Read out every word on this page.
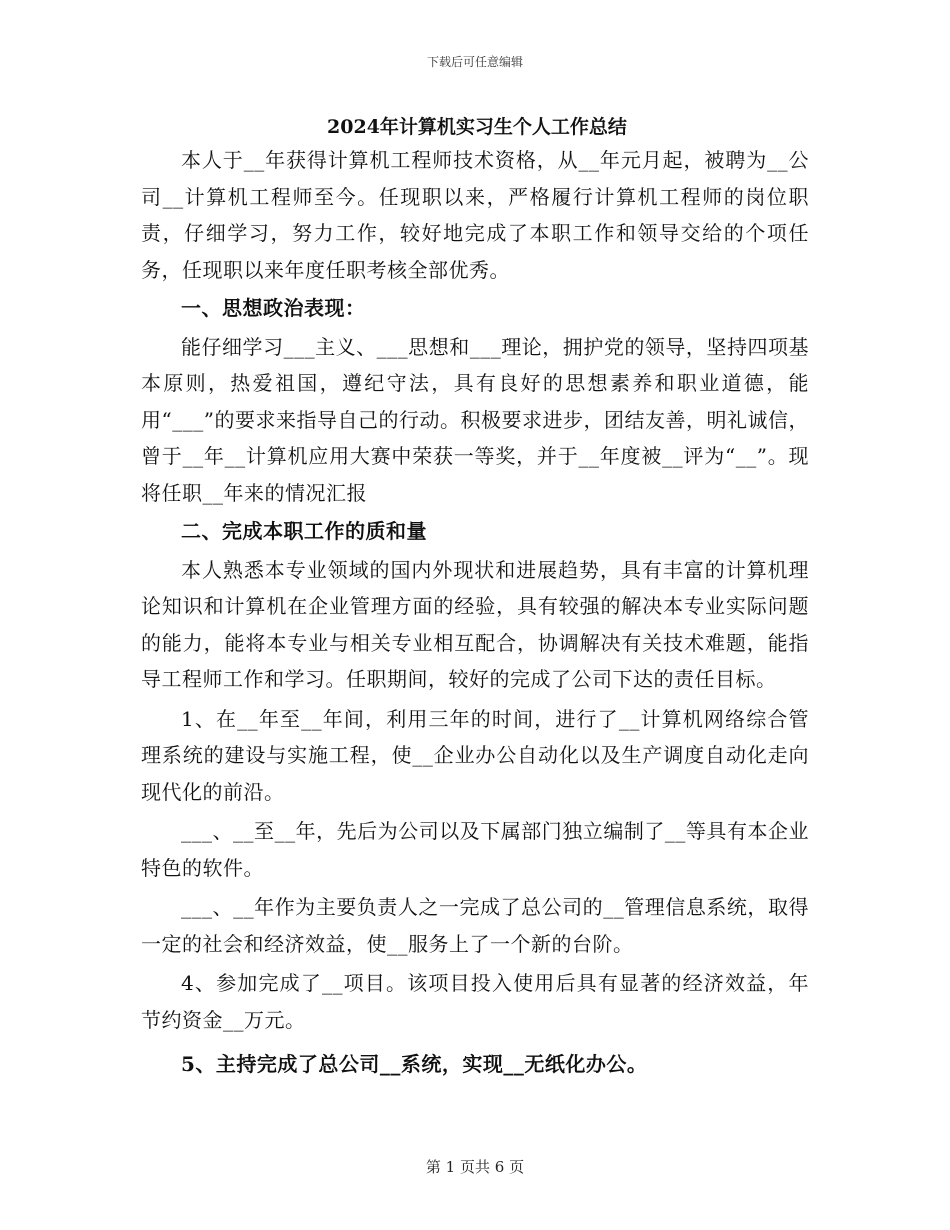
下载后可任意编辑
2024年计算机实习生个人工作总结

本人于__年获得计算机工程师技术资格，从__年元月起，被聘为__公司__计算机工程师至今。任现职以来，严格履行计算机工程师的岗位职责，仔细学习，努力工作，较好地完成了本职工作和领导交给的个项任务，任现职以来年度任职考核全部优秀。

一、思想政治表现：

能仔细学习___主义、___思想和___理论，拥护党的领导，坚持四项基本原则，热爱祖国，遵纪守法，具有良好的思想素养和职业道德，能用“___”的要求来指导自己的行动。积极要求进步，团结友善，明礼诚信，曾于__年__计算机应用大赛中荣获一等奖，并于__年度被__评为“__”。现将任职__年来的情况汇报

二、完成本职工作的质和量

本人熟悉本专业领域的国内外现状和进展趋势，具有丰富的计算机理论知识和计算机在企业管理方面的经验，具有较强的解决本专业实际问题的能力，能将本专业与相关专业相互配合，协调解决有关技术难题，能指导工程师工作和学习。任职期间，较好的完成了公司下达的责任目标。

1、在__年至__年间，利用三年的时间，进行了__计算机网络综合管理系统的建设与实施工程，使__企业办公自动化以及生产调度自动化走向现代化的前沿。

___、__至__年，先后为公司以及下属部门独立编制了__等具有本企业特色的软件。

___、__年作为主要负责人之一完成了总公司的__管理信息系统，取得一定的社会和经济效益，使__服务上了一个新的台阶。

4、参加完成了__项目。该项目投入使用后具有显著的经济效益，年节约资金__万元。

5、主持完成了总公司__系统，实现__无纸化办公。

第 1 页共 6 页
